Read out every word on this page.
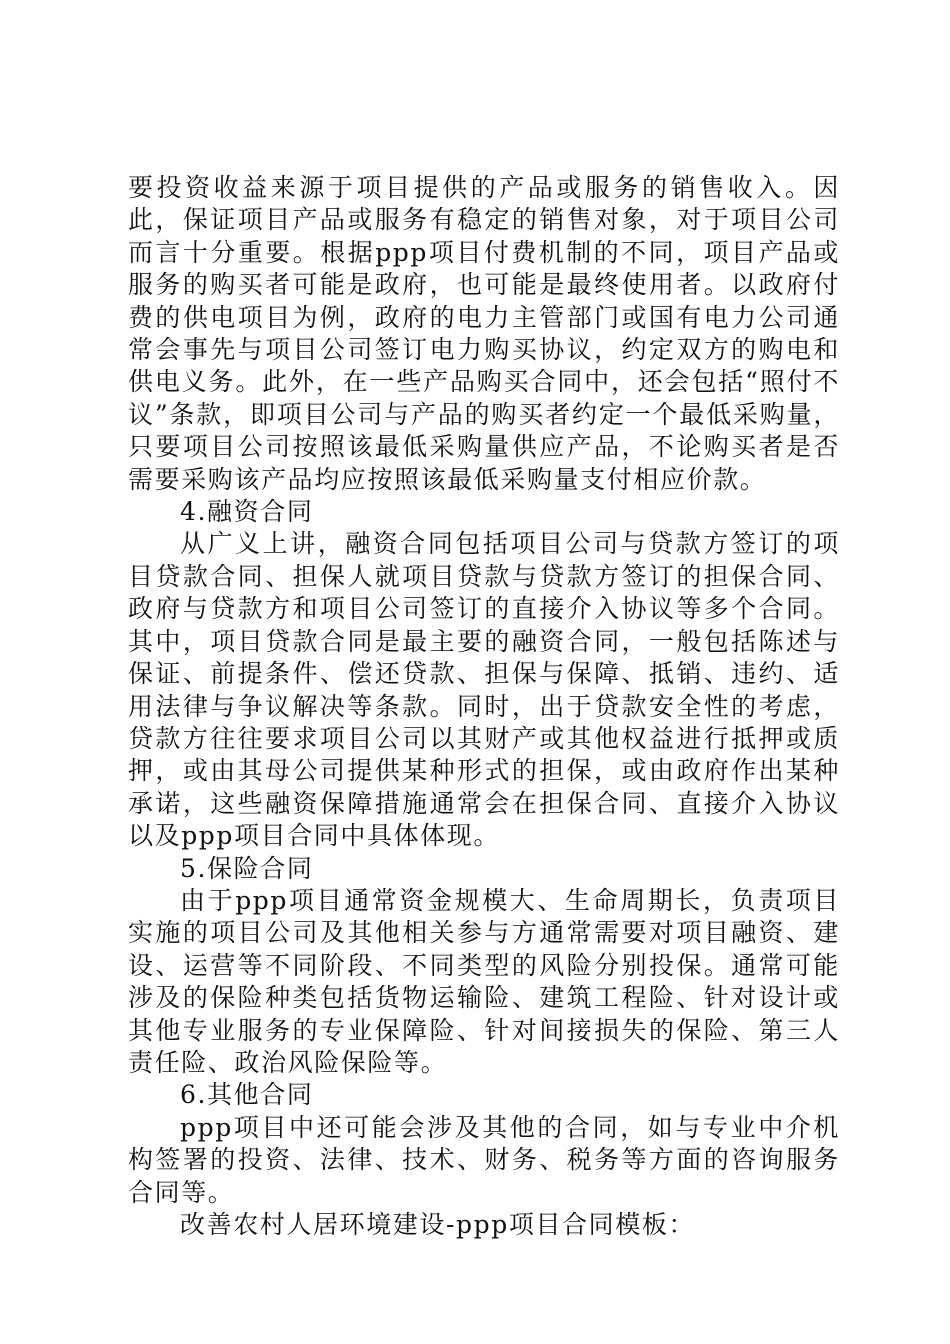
要投资收益来源于项目提供的产品或服务的销售收入。因此，保证项目产品或服务有稳定的销售对象，对于项目公司而言十分重要。根据ppp项目付费机制的不同，项目产品或服务的购买者可能是政府，也可能是最终使用者。以政府付费的供电项目为例，政府的电力主管部门或国有电力公司通常会事先与项目公司签订电力购买协议，约定双方的购电和供电义务。此外，在一些产品购买合同中，还会包括“照付不议”条款，即项目公司与产品的购买者约定一个最低采购量，只要项目公司按照该最低采购量供应产品，不论购买者是否需要采购该产品均应按照该最低采购量支付相应价款。

4.融资合同

从广义上讲，融资合同包括项目公司与贷款方签订的项目贷款合同、担保人就项目贷款与贷款方签订的担保合同、政府与贷款方和项目公司签订的直接介入协议等多个合同。其中，项目贷款合同是最主要的融资合同，一般包括陈述与保证、前提条件、偿还贷款、担保与保障、抵销、违约、适用法律与争议解决等条款。同时，出于贷款安全性的考虑，贷款方往往要求项目公司以其财产或其他权益进行抵押或质押，或由其母公司提供某种形式的担保，或由政府作出某种承诺，这些融资保障措施通常会在担保合同、直接介入协议以及ppp项目合同中具体体现。

5.保险合同

由于ppp项目通常资金规模大、生命周期长，负责项目实施的项目公司及其他相关参与方通常需要对项目融资、建设、运营等不同阶段、不同类型的风险分别投保。通常可能涉及的保险种类包括货物运输险、建筑工程险、针对设计或其他专业服务的专业保障险、针对间接损失的保险、第三人责任险、政治风险保险等。

6.其他合同

ppp项目中还可能会涉及其他的合同，如与专业中介机构签署的投资、法律、技术、财务、税务等方面的咨询服务合同等。

改善农村人居环境建设-ppp项目合同模板：
